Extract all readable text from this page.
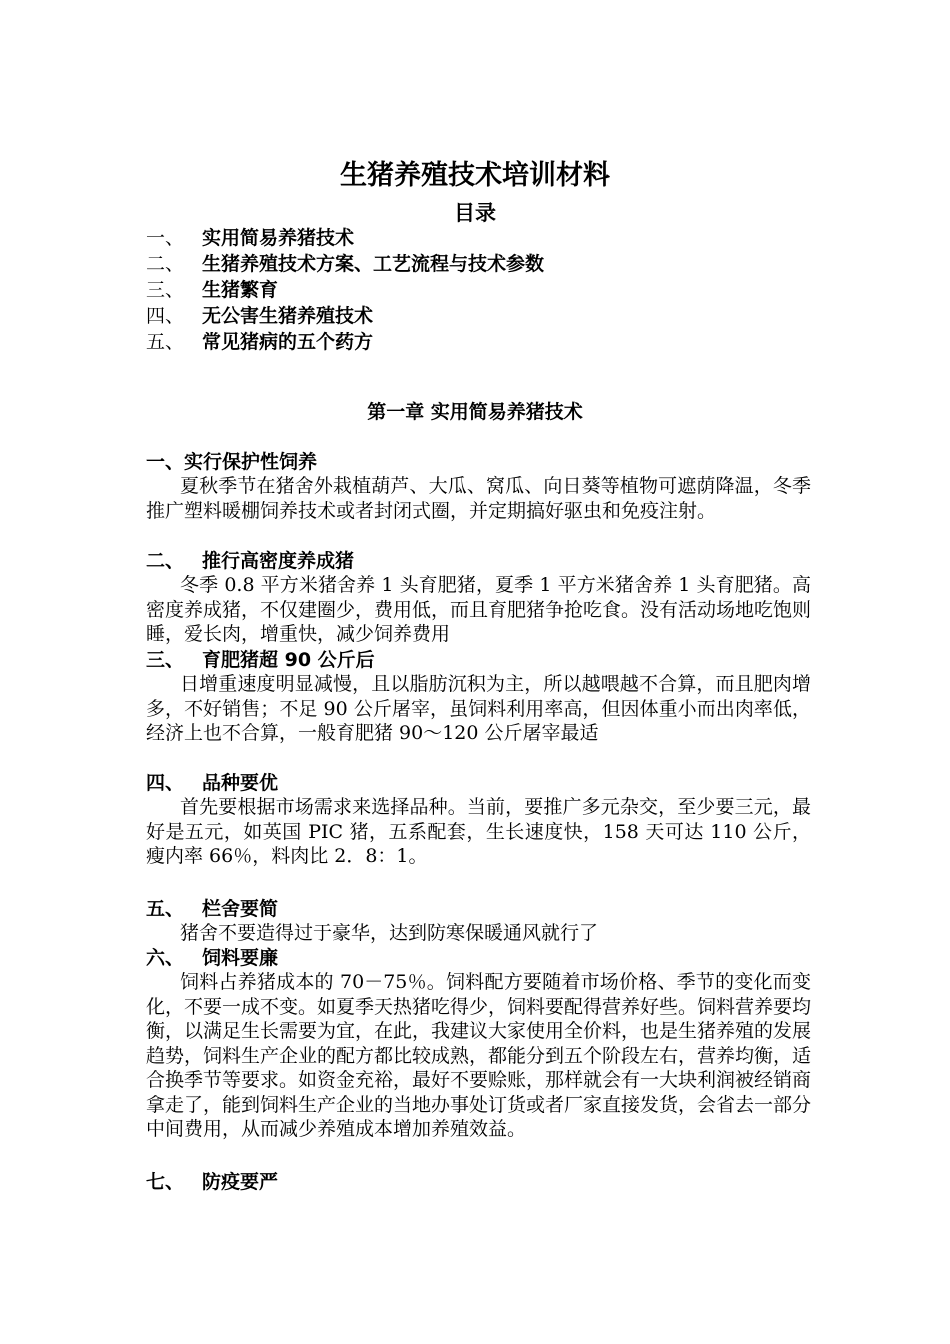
生猪养殖技术培训材料
目录
一、 实用简易养猪技术
二、 生猪养殖技术方案、工艺流程与技术参数
三、 生猪繁育
四、 无公害生猪养殖技术
五、 常见猪病的五个药方
第一章 实用简易养猪技术
一、实行保护性饲养

夏秋季节在猪舍外栽植葫芦、大瓜、窝瓜、向日葵等植物可遮荫降温，冬季推广塑料暖棚饲养技术或者封闭式圈，并定期搞好驱虫和免疫注射。

二、 推行高密度养成猪

冬季 0.8 平方米猪舍养 1 头育肥猪，夏季 1 平方米猪舍养 1 头育肥猪。高密度养成猪，不仅建圈少，费用低，而且育肥猪争抢吃食。没有活动场地吃饱则睡，爱长肉，增重快，减少饲养费用

三、 育肥猪超 90 公斤后

日增重速度明显减慢，且以脂肪沉积为主，所以越喂越不合算，而且肥肉增多，不好销售；不足 90 公斤屠宰，虽饲料利用率高，但因体重小而出肉率低，经济上也不合算，一般育肥猪 90～120 公斤屠宰最适

四、 品种要优

首先要根据市场需求来选择品种。当前，要推广多元杂交，至少要三元，最好是五元，如英国 PIC 猪，五系配套，生长速度快，158 天可达 110 公斤，瘦内率 66％，料肉比 2．8：1。

五、 栏舍要简

猪舍不要造得过于豪华，达到防寒保暖通风就行了

六、 饲料要廉

饲料占养猪成本的 70－75％。饲料配方要随着市场价格、季节的变化而变化，不要一成不变。如夏季天热猪吃得少，饲料要配得营养好些。饲料营养要均衡，以满足生长需要为宜，在此，我建议大家使用全价料，也是生猪养殖的发展趋势，饲料生产企业的配方都比较成熟，都能分到五个阶段左右，营养均衡，适合换季节等要求。如资金充裕，最好不要赊账，那样就会有一大块利润被经销商拿走了，能到饲料生产企业的当地办事处订货或者厂家直接发货，会省去一部分中间费用，从而减少养殖成本增加养殖效益。

七、 防疫要严
